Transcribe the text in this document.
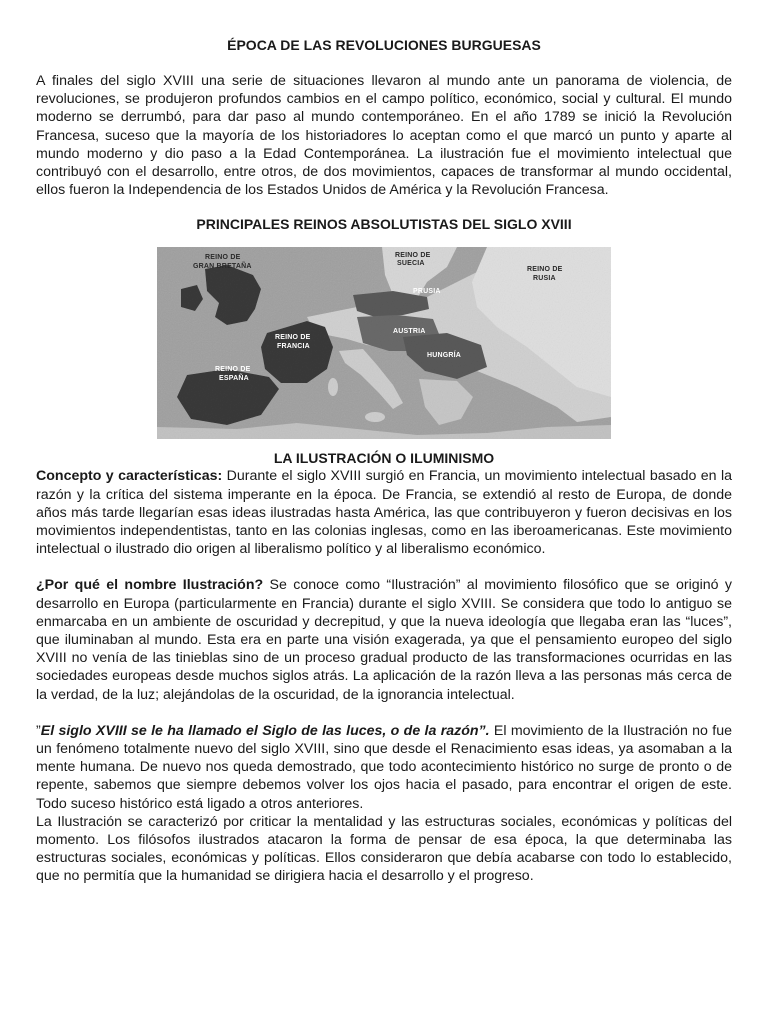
ÉPOCA DE LAS REVOLUCIONES BURGUESAS

A finales del siglo XVIII una serie de situaciones llevaron al mundo ante un panorama de violencia, de revoluciones, se produjeron profundos cambios en el campo político, económico, social y cultural. El mundo moderno se derrumbó, para dar paso al mundo contemporáneo. En el año 1789 se inició la Revolución Francesa, suceso que la mayoría de los historiadores lo aceptan como el que marcó un punto y aparte al mundo moderno y dio paso a la Edad Contemporánea. La ilustración fue el movimiento intelectual que contribuyó con el desarrollo, entre otros, de dos movimientos, capaces de transformar al mundo occidental, ellos fueron la Independencia de los Estados Unidos de América y la Revolución Francesa.

PRINCIPALES REINOS ABSOLUTISTAS DEL SIGLO XVIII
REINO DE
GRAN BRETAÑA
REINO DE
SUECIA
REINO DE
RUSIA
PRUSIA
REINO DE
FRANCIA
AUSTRIA
HUNGRÍA
REINO DE
ESPAÑA
LA ILUSTRACIÓN O ILUMINISMO

Concepto y características: Durante el siglo XVIII surgió en Francia, un movimiento intelectual basado en la razón y la crítica del sistema imperante en la época. De Francia, se extendió al resto de Europa, de donde años más tarde llegarían esas ideas ilustradas hasta América, las que contribuyeron y fueron decisivas en los movimientos independentistas, tanto en las colonias inglesas, como en las iberoamericanas. Este movimiento intelectual o ilustrado dio origen al liberalismo político y al liberalismo económico.

¿Por qué el nombre Ilustración? Se conoce como “Ilustración” al movimiento filosófico que se originó y desarrollo en Europa (particularmente en Francia) durante el siglo XVIII. Se considera que todo lo antiguo se enmarcaba en un ambiente de oscuridad y decrepitud, y que la nueva ideología que llegaba eran las “luces”, que iluminaban al mundo. Esta era en parte una visión exagerada, ya que el pensamiento europeo del siglo XVIII no venía de las tinieblas sino de un proceso gradual producto de las transformaciones ocurridas en las sociedades europeas desde muchos siglos atrás. La aplicación de la razón lleva a las personas más cerca de la verdad, de la luz; alejándolas de la oscuridad, de la ignorancia intelectual.

”El siglo XVIII se le ha llamado el Siglo de las luces, o de la razón”. El movimiento de la Ilustración no fue un fenómeno totalmente nuevo del siglo XVIII, sino que desde el Renacimiento esas ideas, ya asomaban a la mente humana. De nuevo nos queda demostrado, que todo acontecimiento histórico no surge de pronto o de repente, sabemos que siempre debemos volver los ojos hacia el pasado, para encontrar el origen de este. Todo suceso histórico está ligado a otros anteriores.

La Ilustración se caracterizó por criticar la mentalidad y las estructuras sociales, económicas y políticas del momento. Los filósofos ilustrados atacaron la forma de pensar de esa época, la que determinaba las estructuras sociales, económicas y políticas. Ellos consideraron que debía acabarse con todo lo establecido, que no permitía que la humanidad se dirigiera hacia el desarrollo y el progreso.
